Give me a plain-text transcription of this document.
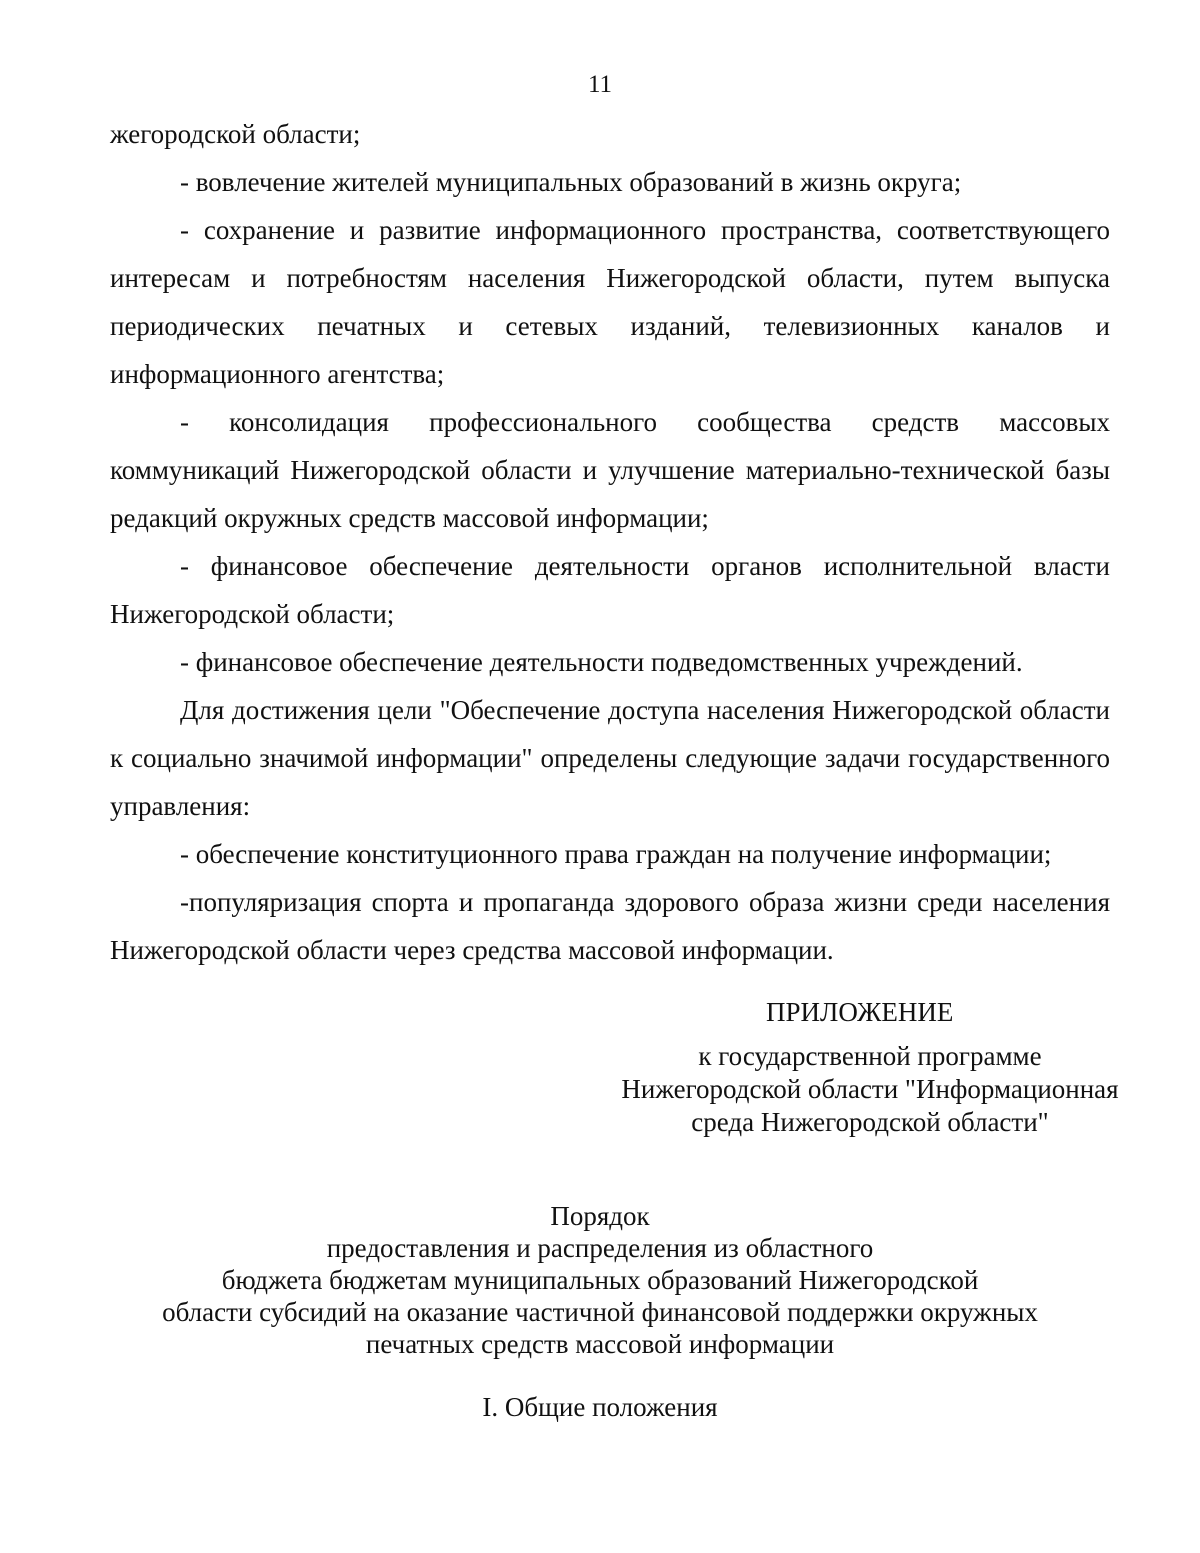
11

жегородской области;

- вовлечение жителей муниципальных образований в жизнь округа;

- сохранение и развитие информационного пространства, соответствующего интересам и потребностям населения Нижегородской области, путем выпуска периодических печатных и сетевых изданий, телевизионных каналов и информационного агентства;

- консолидация профессионального сообщества средств массовых коммуникаций Нижегородской области и улучшение материально-технической базы редакций окружных средств массовой информации;

- финансовое обеспечение деятельности органов исполнительной власти Нижегородской области;

- финансовое обеспечение деятельности подведомственных учреждений.

Для достижения цели "Обеспечение доступа населения Нижегородской области к социально значимой информации" определены следующие задачи государственного управления:

- обеспечение конституционного права граждан на получение информации;

-популяризация спорта и пропаганда здорового образа жизни среди населения Нижегородской области через средства массовой информации.

ПРИЛОЖЕНИЕ

к государственной программе

Нижегородской области "Информационная

среда Нижегородской области"

Порядок

предоставления и распределения из областного

бюджета бюджетам муниципальных образований Нижегородской

области субсидий на оказание частичной финансовой поддержки окружных

печатных средств массовой информации

I. Общие положения
